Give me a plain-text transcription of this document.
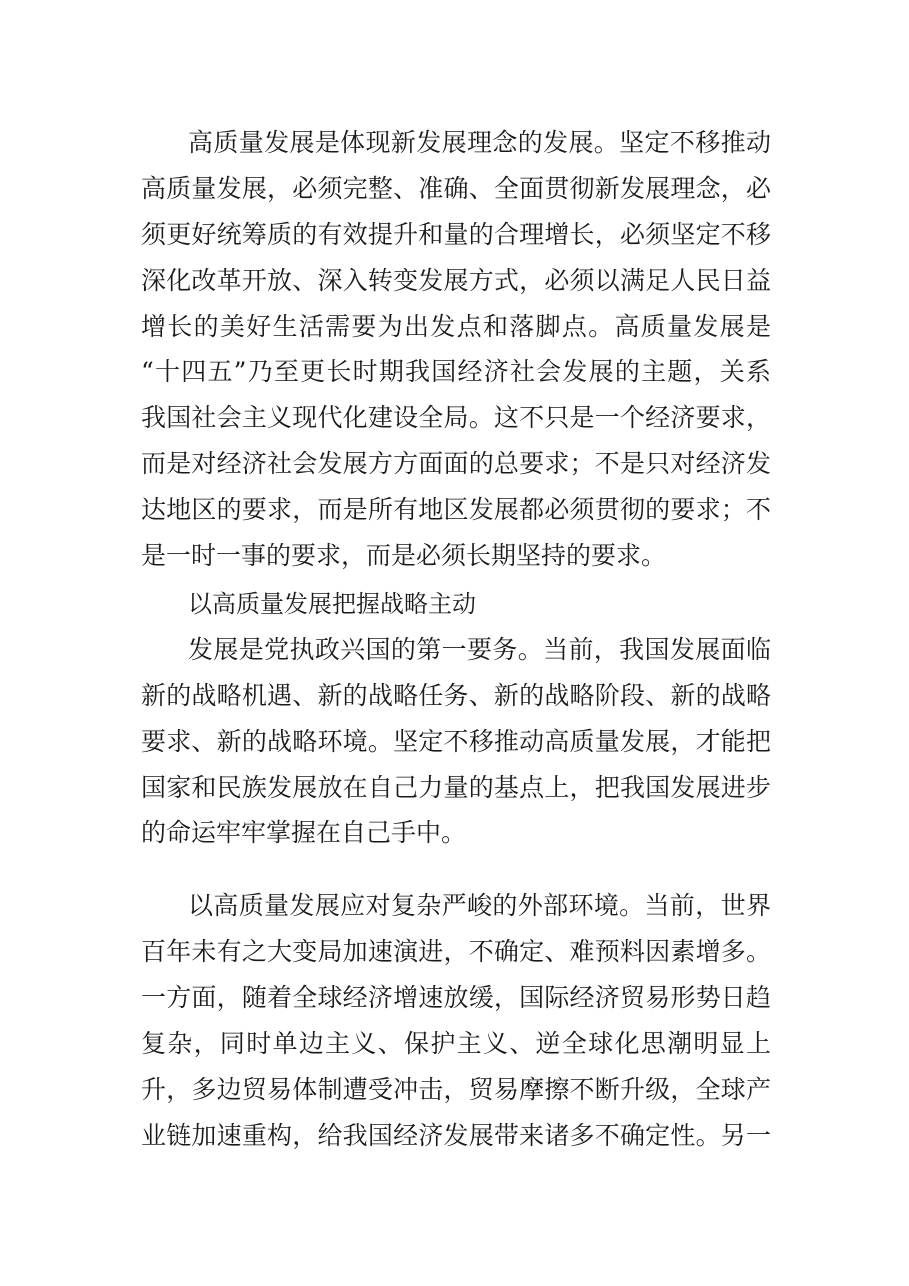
高质量发展是体现新发展理念的发展。坚定不移推动
高质量发展，必须完整、准确、全面贯彻新发展理念，必
须更好统筹质的有效提升和量的合理增长，必须坚定不移
深化改革开放、深入转变发展方式，必须以满足人民日益
增长的美好生活需要为出发点和落脚点。高质量发展是
“十四五”乃至更长时期我国经济社会发展的主题，关系
我国社会主义现代化建设全局。这不只是一个经济要求，
而是对经济社会发展方方面面的总要求；不是只对经济发
达地区的要求，而是所有地区发展都必须贯彻的要求；不
是一时一事的要求，而是必须长期坚持的要求。
以高质量发展把握战略主动
发展是党执政兴国的第一要务。当前，我国发展面临
新的战略机遇、新的战略任务、新的战略阶段、新的战略
要求、新的战略环境。坚定不移推动高质量发展，才能把
国家和民族发展放在自己力量的基点上，把我国发展进步
的命运牢牢掌握在自己手中。
以高质量发展应对复杂严峻的外部环境。当前，世界
百年未有之大变局加速演进，不确定、难预料因素增多。
一方面，随着全球经济增速放缓，国际经济贸易形势日趋
复杂，同时单边主义、保护主义、逆全球化思潮明显上
升，多边贸易体制遭受冲击，贸易摩擦不断升级，全球产
业链加速重构，给我国经济发展带来诸多不确定性。另一
